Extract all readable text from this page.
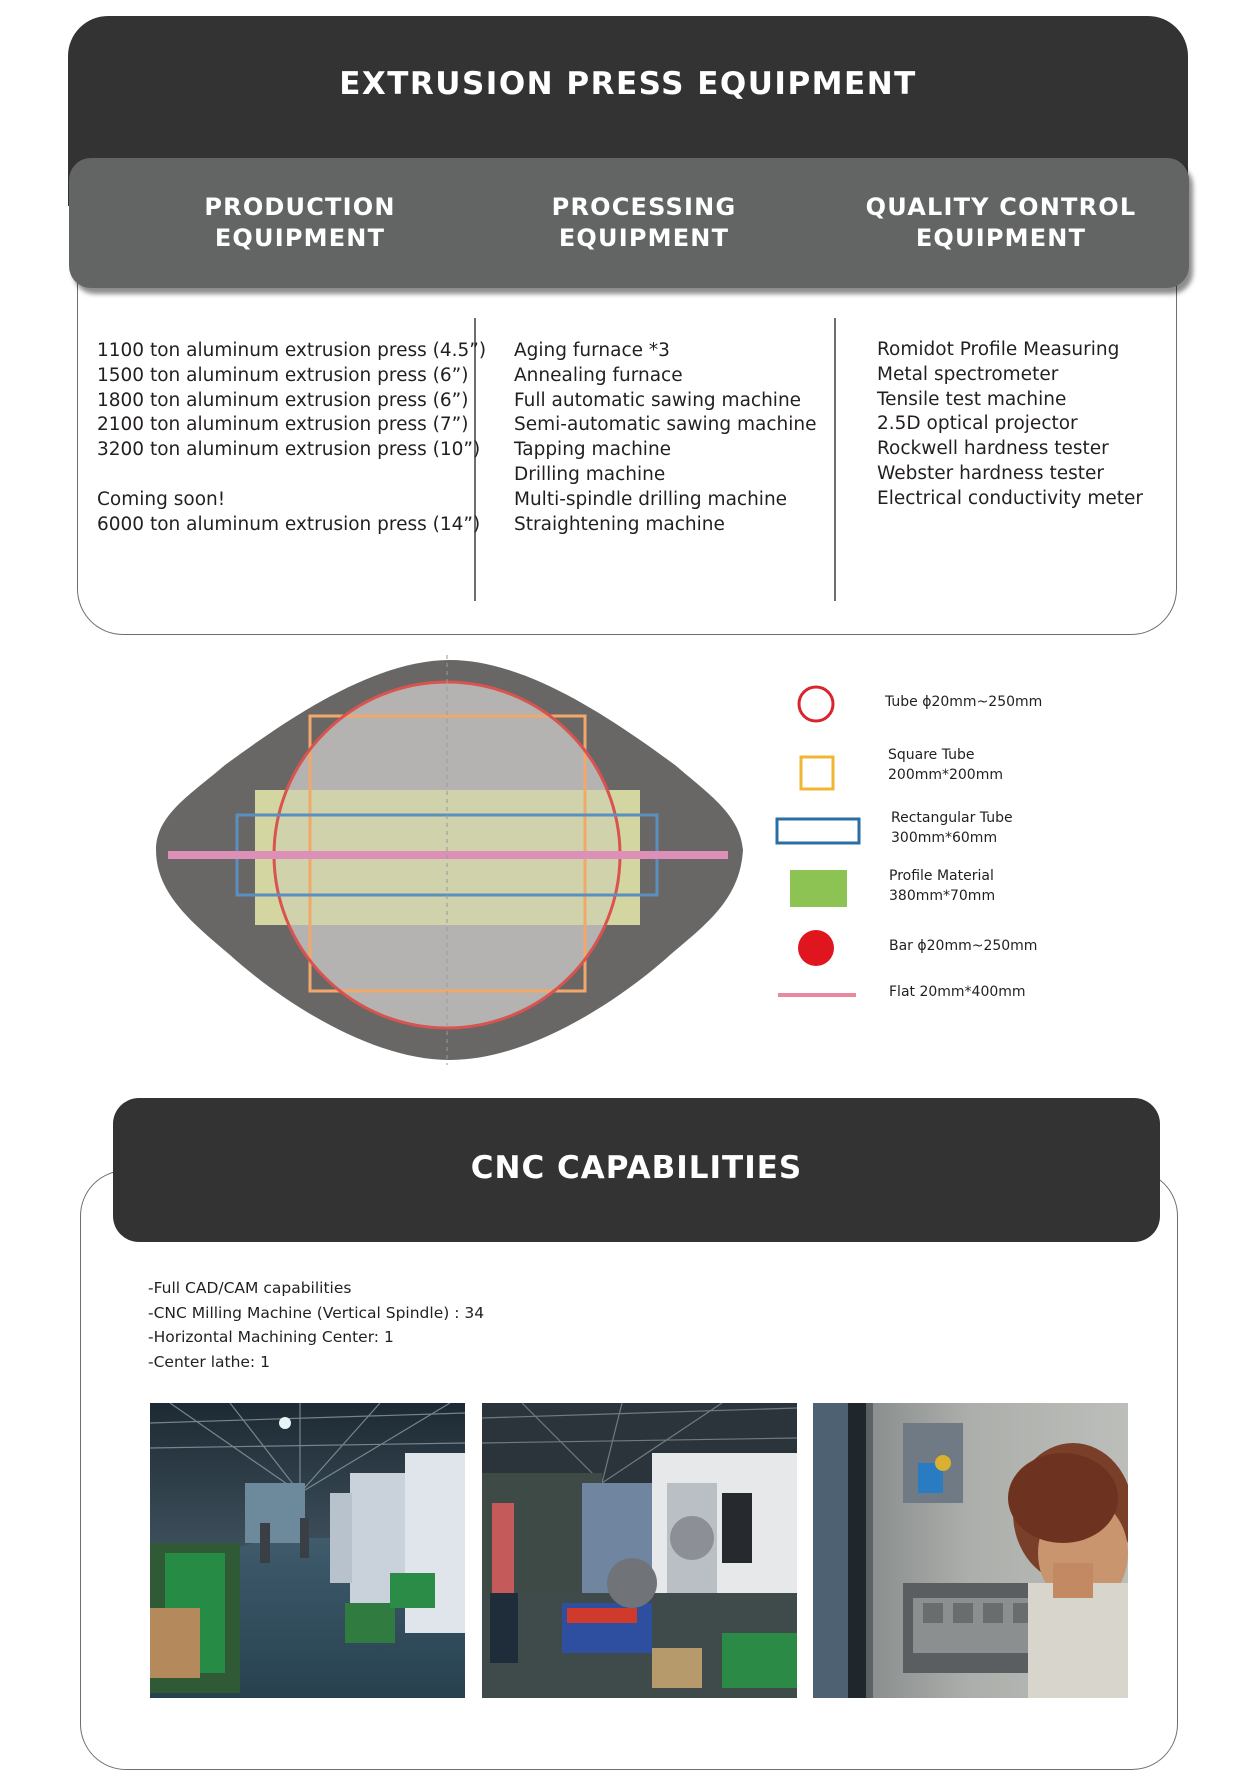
EXTRUSION PRESS EQUIPMENT
PRODUCTION
EQUIPMENT
PROCESSING
EQUIPMENT
QUALITY CONTROL
EQUIPMENT
1100 ton aluminum extrusion press (4.5”)
1500 ton aluminum extrusion press (6”)
1800 ton aluminum extrusion press (6”)
2100 ton aluminum extrusion press (7”)
3200 ton aluminum extrusion press (10”)
Coming soon!
6000 ton aluminum extrusion press (14”)
Aging furnace *3
Annealing furnace
Full automatic sawing machine
Semi-automatic sawing machine
Tapping machine
Drilling machine
Multi-spindle drilling machine
Straightening machine
Romidot Profile Measuring
Metal spectrometer
Tensile test machine
2.5D optical projector
Rockwell hardness tester
Webster hardness tester
Electrical conductivity meter
Tube ϕ20mm~250mm
Square Tube
200mm*200mm
Rectangular Tube
300mm*60mm
Profile Material
380mm*70mm
Bar ϕ20mm~250mm
Flat 20mm*400mm
CNC CAPABILITIES
-Full CAD/CAM capabilities
-CNC Milling Machine (Vertical Spindle) : 34
-Horizontal Machining Center: 1
-Center lathe: 1
